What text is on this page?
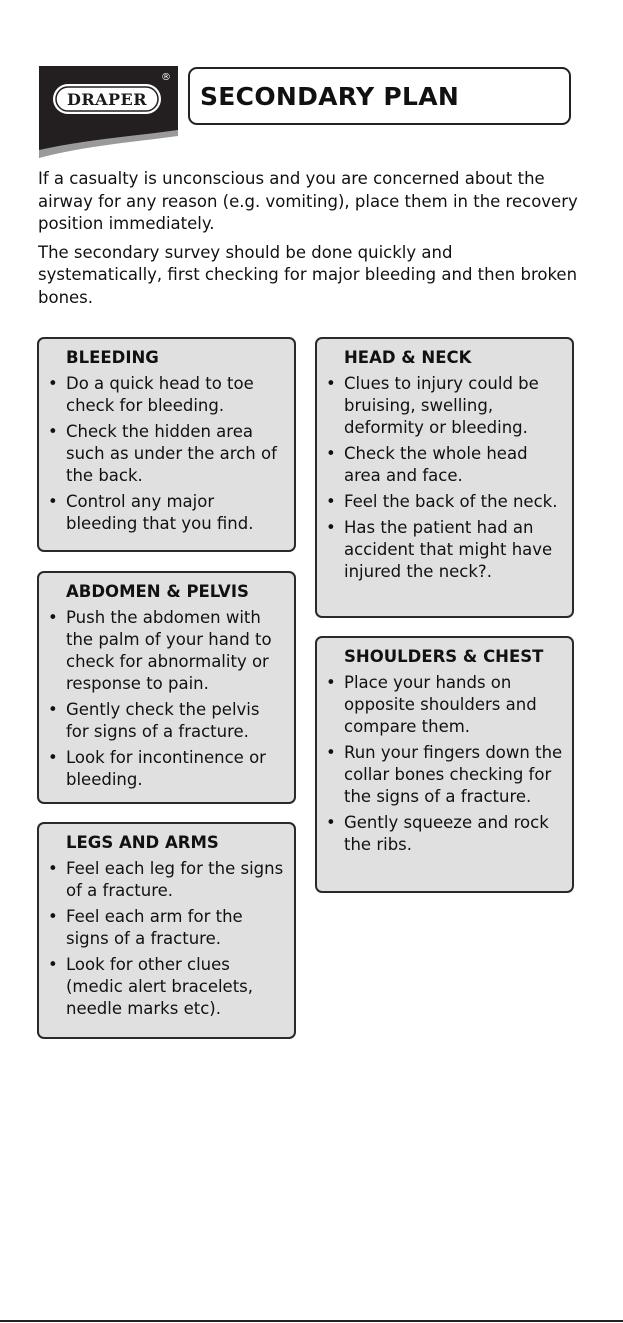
DRAPER
®
SECONDARY PLAN

If a casualty is unconscious and you are concerned about the airway for any reason (e.g. vomiting), place them in the recovery position immediately.

The secondary survey should be done quickly and systematically, first checking for major bleeding and then broken bones.

BLEEDING
• Do a quick head to toe check for bleeding.
• Check the hidden area such as under the arch of the back.
• Control any major bleeding that you find.
ABDOMEN & PELVIS
• Push the abdomen with the palm of your hand to check for abnormality or response to pain.
• Gently check the pelvis for signs of a fracture.
• Look for incontinence or bleeding.
LEGS AND ARMS
• Feel each leg for the signs of a fracture.
• Feel each arm for the signs of a fracture.
• Look for other clues (medic alert bracelets, needle marks etc).
HEAD & NECK
• Clues to injury could be bruising, swelling, deformity or bleeding.
• Check the whole head area and face.
• Feel the back of the neck.
• Has the patient had an accident that might have injured the neck?.
SHOULDERS & CHEST
• Place your hands on opposite shoulders and compare them.
• Run your fingers down the collar bones checking for the signs of a fracture.
• Gently squeeze and rock the ribs.
